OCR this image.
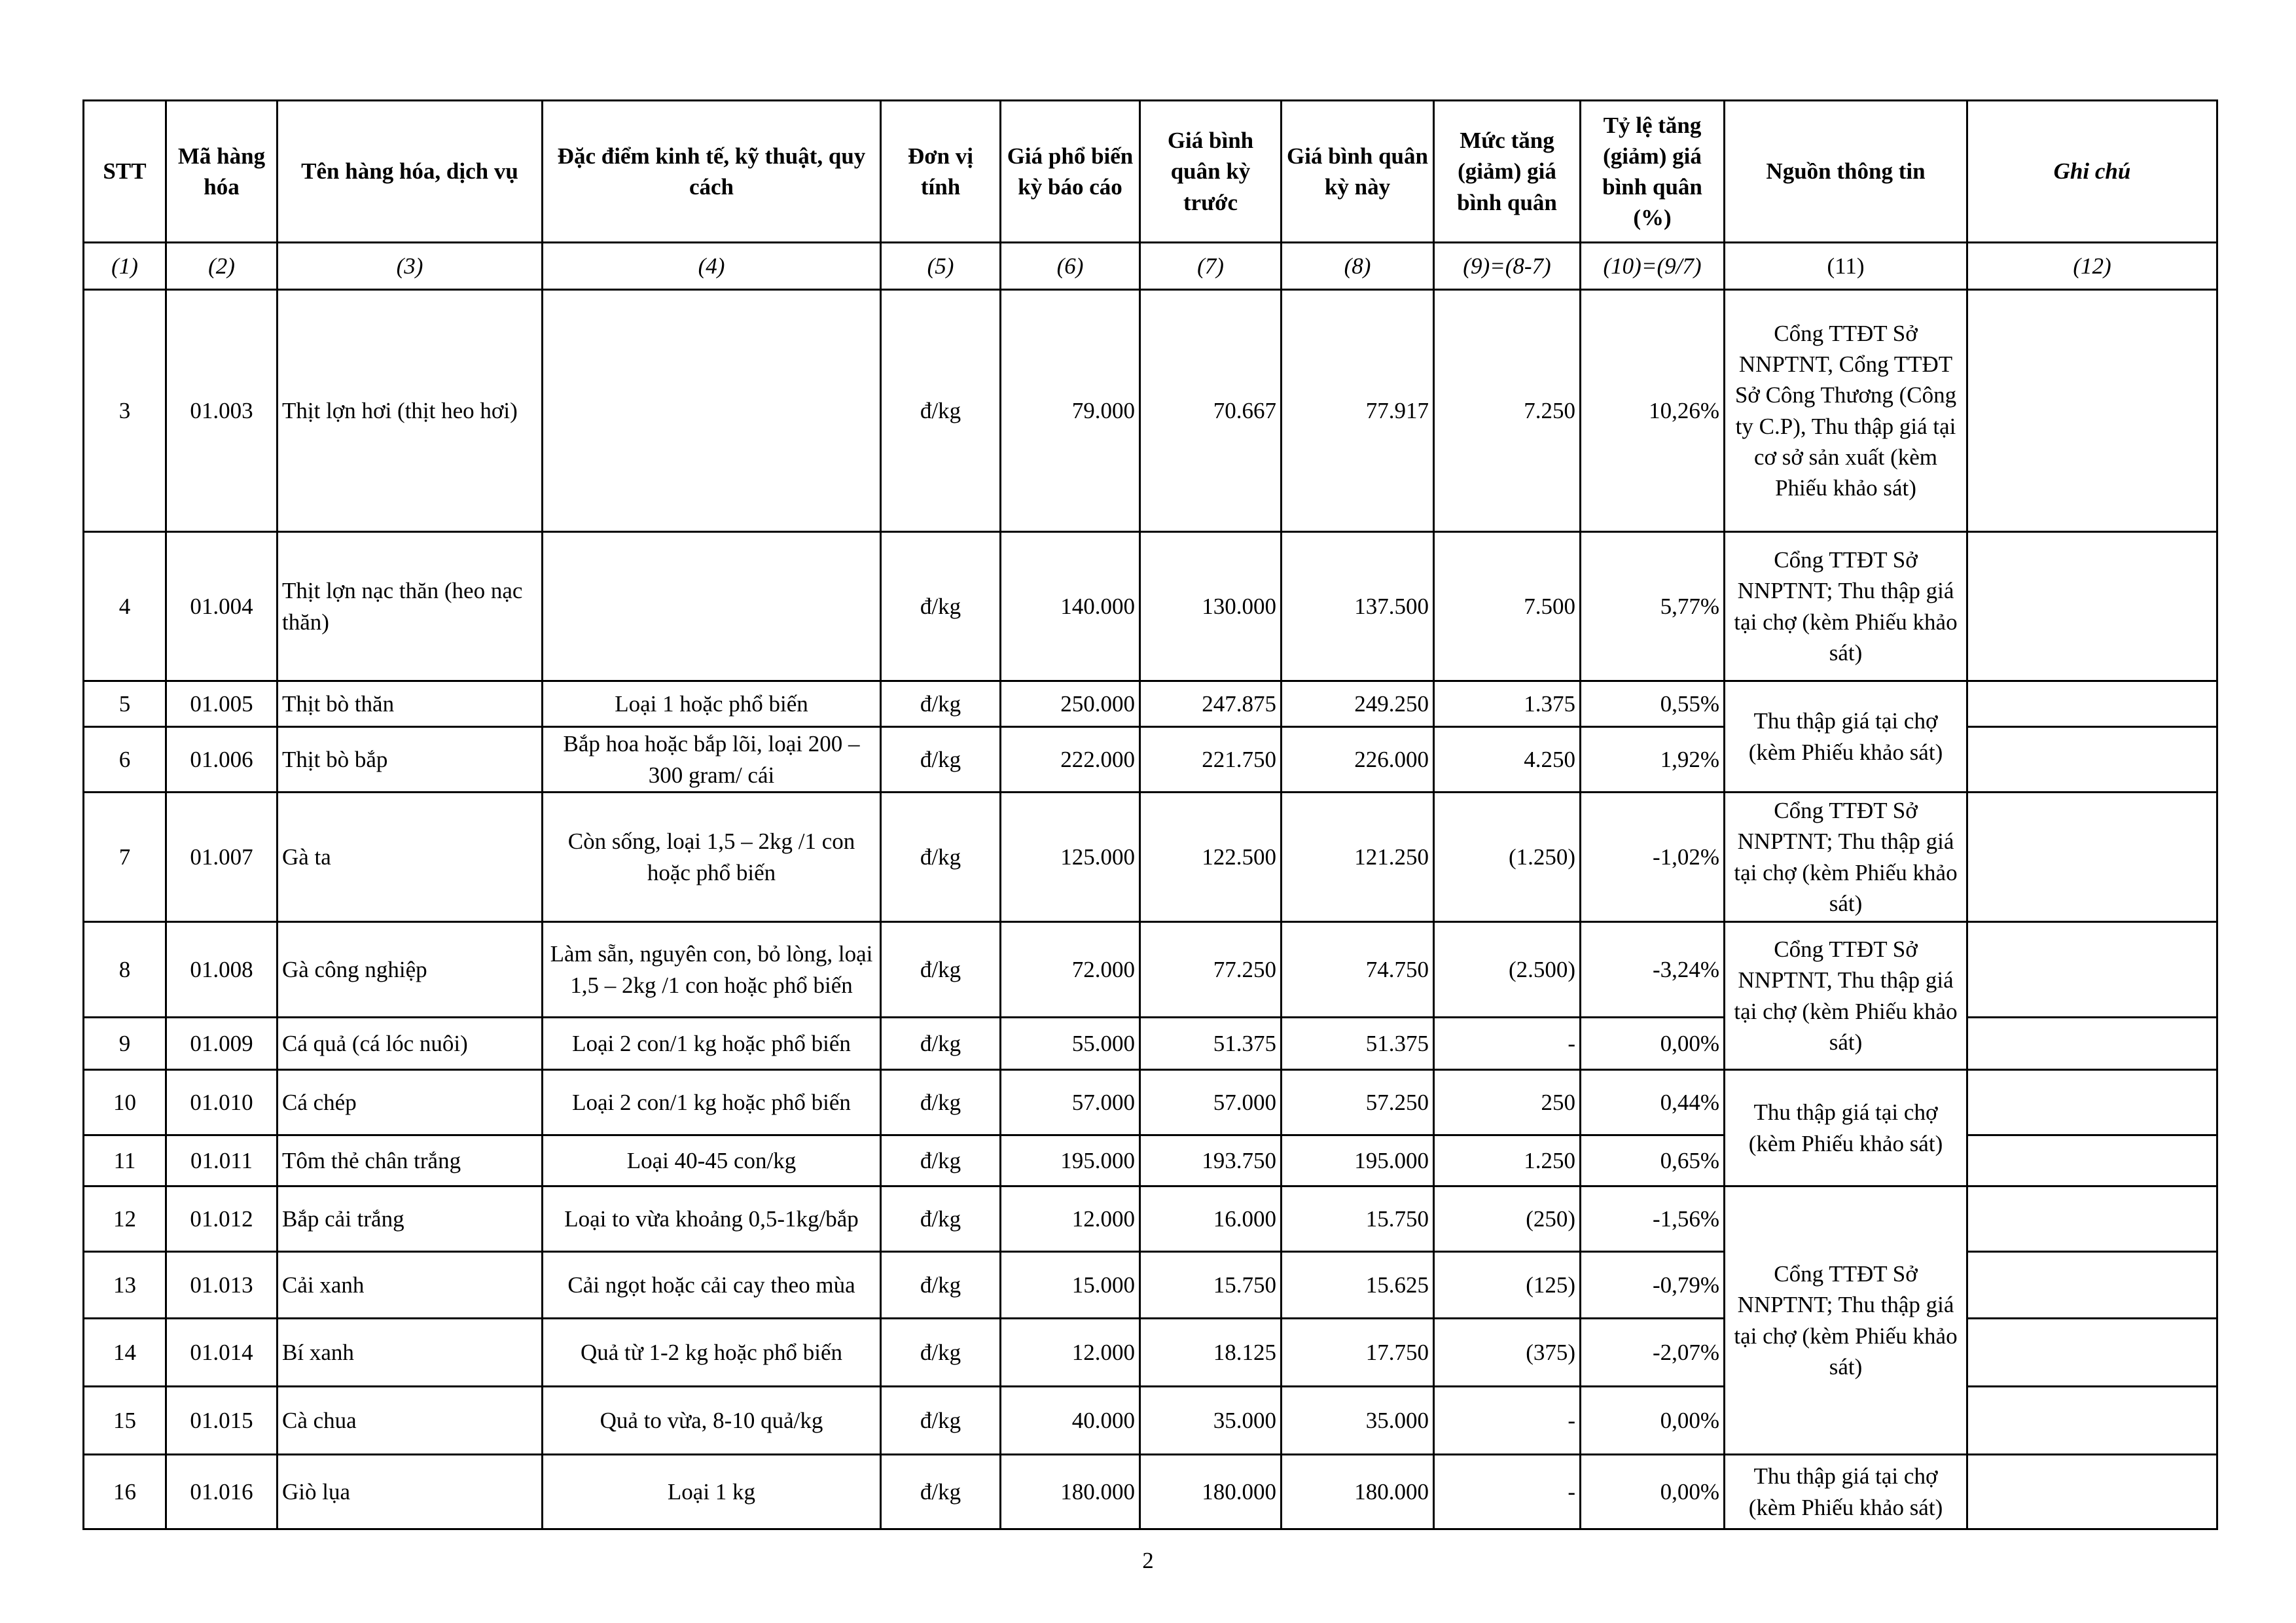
STT	Mã hàng hóa	Tên hàng hóa, dịch vụ	Đặc điểm kinh tế, kỹ thuật, quy cách	Đơn vị tính	Giá phổ biến kỳ báo cáo	Giá bình quân kỳ trước	Giá bình quân kỳ này	Mức tăng (giảm) giá bình quân	Tỷ lệ tăng (giảm) giá bình quân (%)	Nguồn thông tin	Ghi chú
(1)	(2)	(3)	(4)	(5)	(6)	(7)	(8)	(9)=(8-7)	(10)=(9/7)	(11)	(12)
3	01.003	Thịt lợn hơi (thịt heo hơi)		đ/kg	79.000	70.667	77.917	7.250	10,26%	Cổng TTĐT Sở NNPTNT, Cổng TTĐT Sở Công Thương (Công ty C.P), Thu thập giá tại cơ sở sản xuất (kèm Phiếu khảo sát)	
4	01.004	Thịt lợn nạc thăn (heo nạc thăn)		đ/kg	140.000	130.000	137.500	7.500	5,77%	Cổng TTĐT Sở NNPTNT; Thu thập giá tại chợ (kèm Phiếu khảo sát)	
5	01.005	Thịt bò thăn	Loại 1 hoặc phổ biến	đ/kg	250.000	247.875	249.250	1.375	0,55%	Thu thập giá tại chợ (kèm Phiếu khảo sát)	
6	01.006	Thịt bò bắp	Bắp hoa hoặc bắp lõi, loại 200 – 300 gram/ cái	đ/kg	222.000	221.750	226.000	4.250	1,92%		
7	01.007	Gà ta	Còn sống, loại 1,5 – 2kg /1 con hoặc phổ biến	đ/kg	125.000	122.500	121.250	(1.250)	-1,02%	Cổng TTĐT Sở NNPTNT; Thu thập giá tại chợ (kèm Phiếu khảo sát)	
8	01.008	Gà công nghiệp	Làm sẵn, nguyên con, bỏ lòng, loại 1,5 – 2kg /1 con hoặc phổ biến	đ/kg	72.000	77.250	74.750	(2.500)	-3,24%	Cổng TTĐT Sở NNPTNT, Thu thập giá tại chợ (kèm Phiếu khảo sát)	
9	01.009	Cá quả (cá lóc nuôi)	Loại 2 con/1 kg hoặc phổ biến	đ/kg	55.000	51.375	51.375	-	0,00%		
10	01.010	Cá chép	Loại 2 con/1 kg hoặc phổ biến	đ/kg	57.000	57.000	57.250	250	0,44%	Thu thập giá tại chợ (kèm Phiếu khảo sát)	
11	01.011	Tôm thẻ chân trắng	Loại 40-45 con/kg	đ/kg	195.000	193.750	195.000	1.250	0,65%		
12	01.012	Bắp cải trắng	Loại to vừa khoảng 0,5-1kg/bắp	đ/kg	12.000	16.000	15.750	(250)	-1,56%	Cổng TTĐT Sở NNPTNT; Thu thập giá tại chợ (kèm Phiếu khảo sát)	
13	01.013	Cải xanh	Cải ngọt hoặc cải cay theo mùa	đ/kg	15.000	15.750	15.625	(125)	-0,79%		
14	01.014	Bí xanh	Quả từ 1-2 kg hoặc phổ biến	đ/kg	12.000	18.125	17.750	(375)	-2,07%		
15	01.015	Cà chua	Quả to vừa, 8-10 quả/kg	đ/kg	40.000	35.000	35.000	-	0,00%		
16	01.016	Giò lụa	Loại 1 kg	đ/kg	180.000	180.000	180.000	-	0,00%	Thu thập giá tại chợ (kèm Phiếu khảo sát)	
2
